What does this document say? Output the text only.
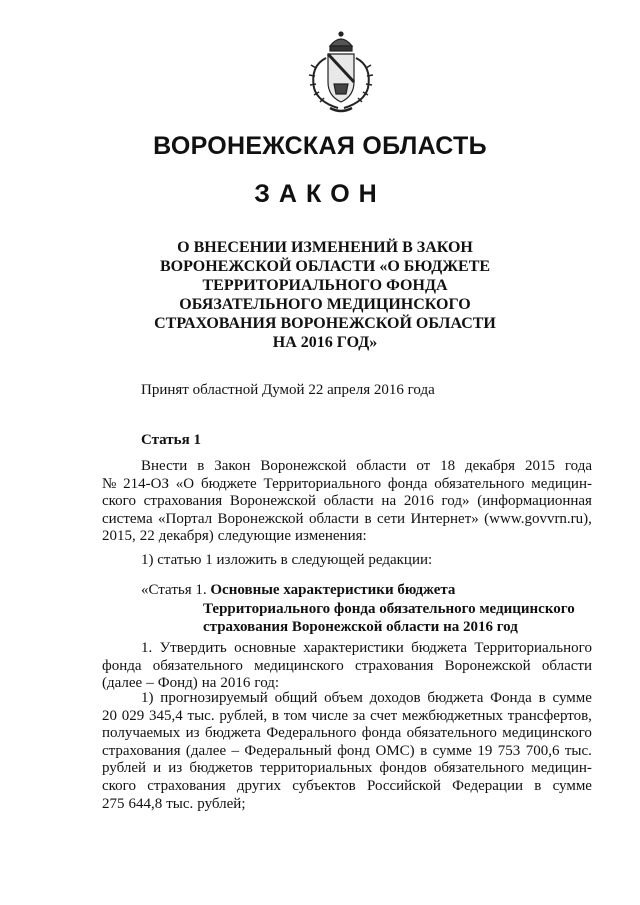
ВОРОНЕЖСКАЯ ОБЛАСТЬ
ЗАКОН
О ВНЕСЕНИИ ИЗМЕНЕНИЙ В ЗАКОН
ВОРОНЕЖСКОЙ ОБЛАСТИ «О БЮДЖЕТЕ
ТЕРРИТОРИАЛЬНОГО ФОНДА
ОБЯЗАТЕЛЬНОГО МЕДИЦИНСКОГО
СТРАХОВАНИЯ ВОРОНЕЖСКОЙ ОБЛАСТИ
НА 2016 ГОД»
Принят областной Думой 22 апреля 2016 года
Статья 1
Внести в Закон Воронежской области от 18 декабря 2015 года
№ 214-ОЗ «О бюджете Территориального фонда обязательного медицин-
ского страхования Воронежской области на 2016 год» (информационная
система «Портал Воронежской области в сети Интернет» (www.govvrn.ru),
2015, 22 декабря) следующие изменения:
1) статью 1 изложить в следующей редакции:
«Статья 1. Основные характеристики бюджета
Территориального фонда обязательного медицинского
страхования Воронежской области на 2016 год
1. Утвердить основные характеристики бюджета Территориального
фонда обязательного медицинского страхования Воронежской области
(далее – Фонд) на 2016 год:
1) прогнозируемый общий объем доходов бюджета Фонда в сумме
20 029 345,4 тыс. рублей, в том числе за счет межбюджетных трансфертов,
получаемых из бюджета Федерального фонда обязательного медицинского
страхования (далее – Федеральный фонд ОМС) в сумме 19 753 700,6 тыс.
рублей и из бюджетов территориальных фондов обязательного медицин-
ского страхования других субъектов Российской Федерации в сумме
275 644,8 тыс. рублей;
